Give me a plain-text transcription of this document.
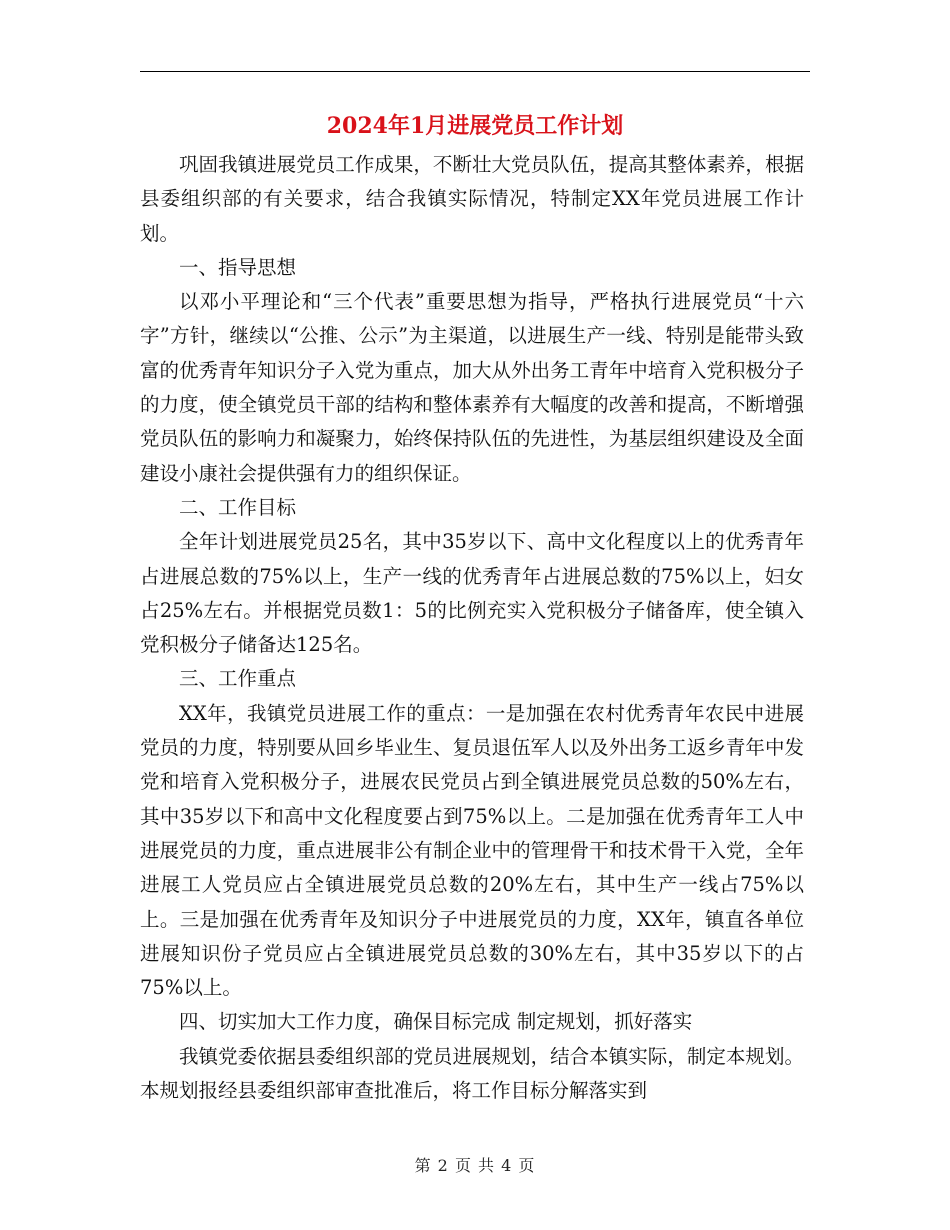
2024年1月进展党员工作计划

巩固我镇进展党员工作成果，不断壮大党员队伍，提高其整体素养，根据县委组织部的有关要求，结合我镇实际情况，特制定XX年党员进展工作计划。

一、指导思想

以邓小平理论和“三个代表”重要思想为指导，严格执行进展党员“十六字”方针，继续以“公推、公示”为主渠道，以进展生产一线、特别是能带头致富的优秀青年知识分子入党为重点，加大从外出务工青年中培育入党积极分子的力度，使全镇党员干部的结构和整体素养有大幅度的改善和提高，不断增强党员队伍的影响力和凝聚力，始终保持队伍的先进性，为基层组织建设及全面建设小康社会提供强有力的组织保证。

二、工作目标

全年计划进展党员25名，其中35岁以下、高中文化程度以上的优秀青年占进展总数的75%以上，生产一线的优秀青年占进展总数的75%以上，妇女占25%左右。并根据党员数1：5的比例充实入党积极分子储备库，使全镇入党积极分子储备达125名。

三、工作重点

XX年，我镇党员进展工作的重点：一是加强在农村优秀青年农民中进展党员的力度，特别要从回乡毕业生、复员退伍军人以及外出务工返乡青年中发党和培育入党积极分子，进展农民党员占到全镇进展党员总数的50%左右，其中35岁以下和高中文化程度要占到75%以上。二是加强在优秀青年工人中进展党员的力度，重点进展非公有制企业中的管理骨干和技术骨干入党，全年进展工人党员应占全镇进展党员总数的20%左右，其中生产一线占75%以上。三是加强在优秀青年及知识分子中进展党员的力度，XX年，镇直各单位进展知识份子党员应占全镇进展党员总数的30%左右，其中35岁以下的占75%以上。

四、切实加大工作力度，确保目标完成 制定规划，抓好落实

我镇党委依据县委组织部的党员进展规划，结合本镇实际，制定本规划。本规划报经县委组织部审查批准后，将工作目标分解落实到

第 2 页 共 4 页
